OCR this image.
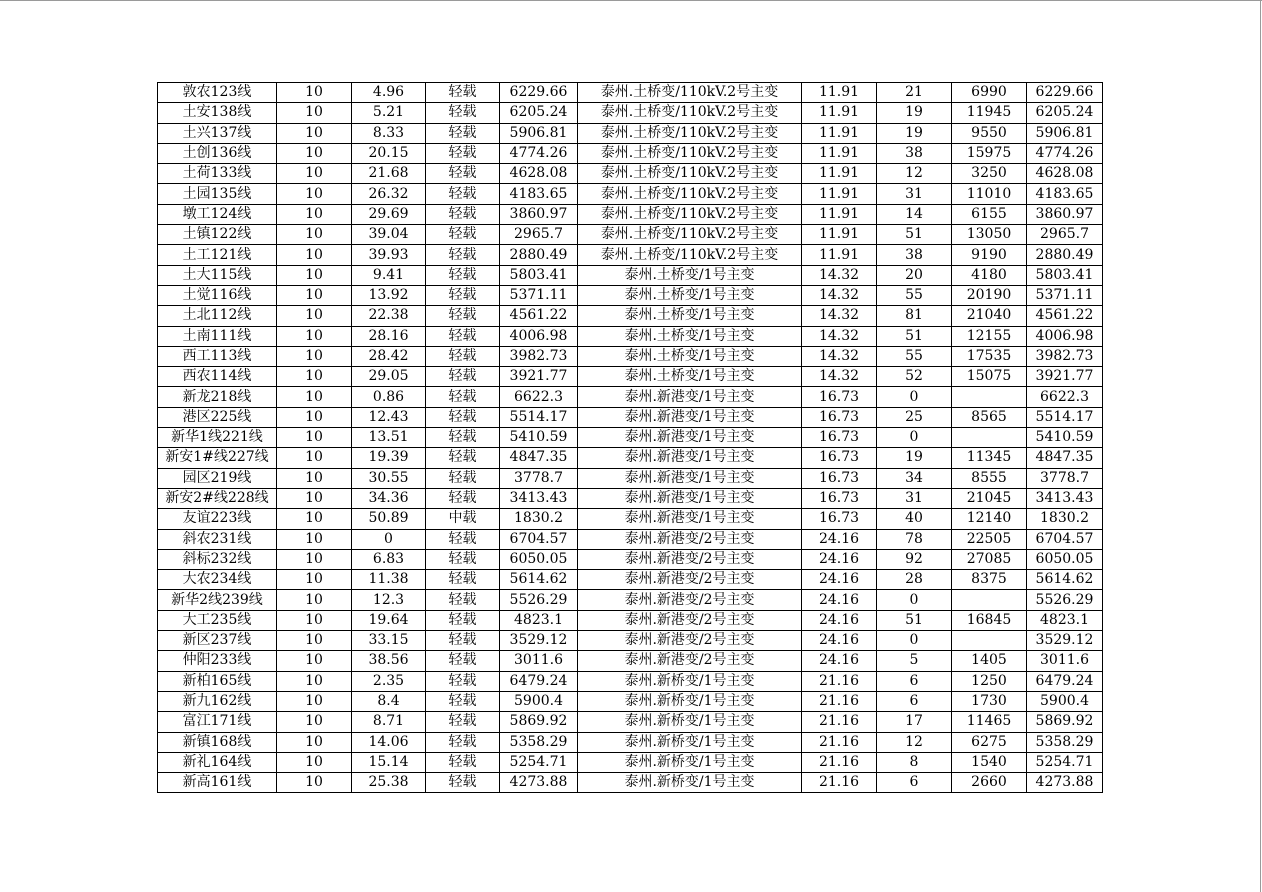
敦农123线	10	4.96	轻载	6229.66	泰州.土桥变/110kV.2号主变	11.91	21	6990	6229.66
土安138线	10	5.21	轻载	6205.24	泰州.土桥变/110kV.2号主变	11.91	19	11945	6205.24
土兴137线	10	8.33	轻载	5906.81	泰州.土桥变/110kV.2号主变	11.91	19	9550	5906.81
土创136线	10	20.15	轻载	4774.26	泰州.土桥变/110kV.2号主变	11.91	38	15975	4774.26
土荷133线	10	21.68	轻载	4628.08	泰州.土桥变/110kV.2号主变	11.91	12	3250	4628.08
土园135线	10	26.32	轻载	4183.65	泰州.土桥变/110kV.2号主变	11.91	31	11010	4183.65
墩工124线	10	29.69	轻载	3860.97	泰州.土桥变/110kV.2号主变	11.91	14	6155	3860.97
土镇122线	10	39.04	轻载	2965.7	泰州.土桥变/110kV.2号主变	11.91	51	13050	2965.7
土工121线	10	39.93	轻载	2880.49	泰州.土桥变/110kV.2号主变	11.91	38	9190	2880.49
土大115线	10	9.41	轻载	5803.41	泰州.土桥变/1号主变	14.32	20	4180	5803.41
土觉116线	10	13.92	轻载	5371.11	泰州.土桥变/1号主变	14.32	55	20190	5371.11
土北112线	10	22.38	轻载	4561.22	泰州.土桥变/1号主变	14.32	81	21040	4561.22
土南111线	10	28.16	轻载	4006.98	泰州.土桥变/1号主变	14.32	51	12155	4006.98
西工113线	10	28.42	轻载	3982.73	泰州.土桥变/1号主变	14.32	55	17535	3982.73
西农114线	10	29.05	轻载	3921.77	泰州.土桥变/1号主变	14.32	52	15075	3921.77
新龙218线	10	0.86	轻载	6622.3	泰州.新港变/1号主变	16.73	0		6622.3
港区225线	10	12.43	轻载	5514.17	泰州.新港变/1号主变	16.73	25	8565	5514.17
新华1线221线	10	13.51	轻载	5410.59	泰州.新港变/1号主变	16.73	0		5410.59
新安1#线227线	10	19.39	轻载	4847.35	泰州.新港变/1号主变	16.73	19	11345	4847.35
园区219线	10	30.55	轻载	3778.7	泰州.新港变/1号主变	16.73	34	8555	3778.7
新安2#线228线	10	34.36	轻载	3413.43	泰州.新港变/1号主变	16.73	31	21045	3413.43
友谊223线	10	50.89	中载	1830.2	泰州.新港变/1号主变	16.73	40	12140	1830.2
斜农231线	10	0	轻载	6704.57	泰州.新港变/2号主变	24.16	78	22505	6704.57
斜标232线	10	6.83	轻载	6050.05	泰州.新港变/2号主变	24.16	92	27085	6050.05
大农234线	10	11.38	轻载	5614.62	泰州.新港变/2号主变	24.16	28	8375	5614.62
新华2线239线	10	12.3	轻载	5526.29	泰州.新港变/2号主变	24.16	0		5526.29
大工235线	10	19.64	轻载	4823.1	泰州.新港变/2号主变	24.16	51	16845	4823.1
新区237线	10	33.15	轻载	3529.12	泰州.新港变/2号主变	24.16	0		3529.12
仲阳233线	10	38.56	轻载	3011.6	泰州.新港变/2号主变	24.16	5	1405	3011.6
新柏165线	10	2.35	轻载	6479.24	泰州.新桥变/1号主变	21.16	6	1250	6479.24
新九162线	10	8.4	轻载	5900.4	泰州.新桥变/1号主变	21.16	6	1730	5900.4
富江171线	10	8.71	轻载	5869.92	泰州.新桥变/1号主变	21.16	17	11465	5869.92
新镇168线	10	14.06	轻载	5358.29	泰州.新桥变/1号主变	21.16	12	6275	5358.29
新礼164线	10	15.14	轻载	5254.71	泰州.新桥变/1号主变	21.16	8	1540	5254.71
新高161线	10	25.38	轻载	4273.88	泰州.新桥变/1号主变	21.16	6	2660	4273.88
